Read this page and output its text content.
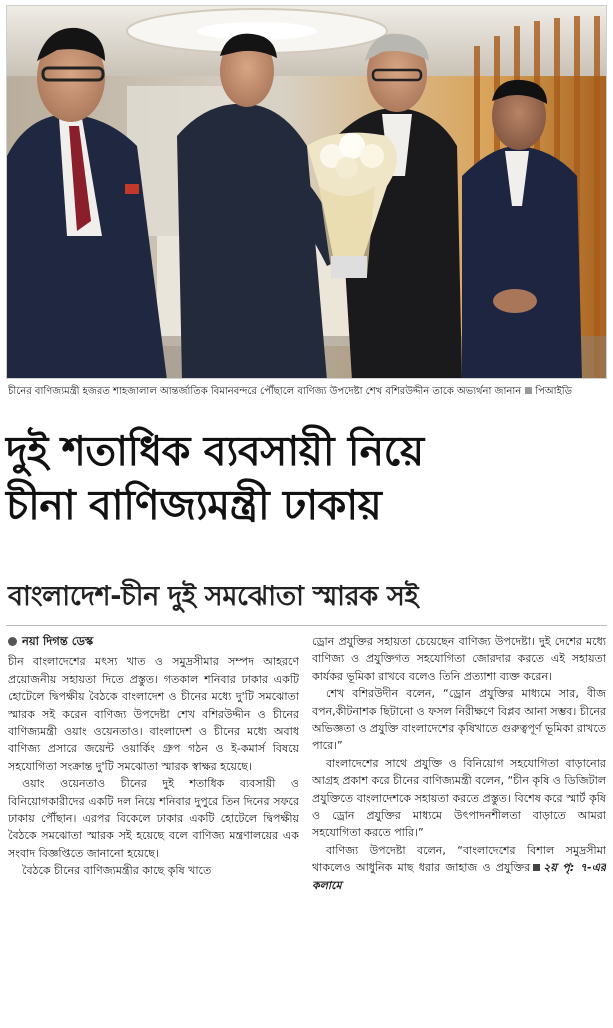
চীনের বাণিজ্যমন্ত্রী হজরত শাহজালাল আন্তর্জাতিক বিমানবন্দরে পৌঁছালে বাণিজ্য উপদেষ্টা শেখ বশিরউদ্দীন তাকে অভ্যর্থনা জানান পিআইডি
দুই শতাধিক ব্যবসায়ী নিয়ে
চীনা বাণিজ্যমন্ত্রী ঢাকায়
বাংলাদেশ-চীন দুই সমঝোতা স্মারক সই

নয়া দিগন্ত ডেস্ক

চীন বাংলাদেশের মৎস্য খাত ও সমুদ্রসীমার সম্পদ আহরণে প্রয়োজনীয় সহায়তা দিতে প্রস্তুত। গতকাল শনিবার ঢাকার একটি হোটেলে দ্বিপক্ষীয় বৈঠকে বাংলাদেশ ও চীনের মধ্যে দু'টি সমঝোতা স্মারক সই করেন বাণিজ্য উপদেষ্টা শেখ বশিরউদ্দীন ও চীনের বাণিজ্যমন্ত্রী ওয়াং ওয়েনতাও। বাংলাদেশ ও চীনের মধ্যে অবাধ বাণিজ্য প্রসারে জয়েন্ট ওয়ার্কিং গ্রুপ গঠন ও ই-কমার্স বিষয়ে সহযোগিতা সংক্রান্ত দু'টি সমঝোতা স্মারক স্বাক্ষর হয়েছে।

ওয়াং ওয়েনতাও চীনের দুই শতাধিক ব্যবসায়ী ও বিনিয়োগকারীদের একটি দল নিয়ে শনিবার দুপুরে তিন দিনের সফরে ঢাকায় পৌঁছান। এরপর বিকেলে ঢাকার একটি হোটেলে দ্বিপক্ষীয় বৈঠকে সমঝোতা স্মারক সই হয়েছে বলে বাণিজ্য মন্ত্রণালয়ের এক সংবাদ বিজ্ঞপ্তিতে জানানো হয়েছে।

বৈঠকে চীনের বাণিজ্যমন্ত্রীর কাছে কৃষি খাতে

ড্রোন প্রযুক্তির সহায়তা চেয়েছেন বাণিজ্য উপদেষ্টা। দুই দেশের মধ্যে বাণিজ্য ও প্রযুক্তিগত সহযোগিতা জোরদার করতে এই সহায়তা কার্যকর ভূমিকা রাখবে বলেও তিনি প্রত্যাশা ব্যক্ত করেন।

শেখ বশিরউদীন বলেন, “ড্রোন প্রযুক্তির মাধ্যমে সার, বীজ বপন,কীটনাশক ছিটানো ও ফসল নিরীক্ষণে বিপ্লব আনা সম্ভব। চীনের অভিজ্ঞতা ও প্রযুক্তি বাংলাদেশের কৃষিখাতে গুরুত্বপূর্ণ ভূমিকা রাখতে পারে।”

বাংলাদেশের সাথে প্রযুক্তি ও বিনিয়োগ সহযোগিতা বাড়ানোর আগ্রহ প্রকাশ করে চীনের বাণিজ্যমন্ত্রী বলেন, “চীন কৃষি ও ডিজিটাল প্রযুক্তিতে বাংলাদেশকে সহায়তা করতে প্রস্তুত। বিশেষ করে স্মার্ট কৃষি ও ড্রোন প্রযুক্তির মাধ্যমে উৎপাদনশীলতা বাড়াতে আমরা সহযোগিতা করতে পারি।”

বাণিজ্য উপদেষ্টা বলেন, “বাংলাদেশের বিশাল সমুদ্রসীমা থাকলেও আধুনিক মাছ ধরার জাহাজ ও প্রযুক্তির ২য় পৃ: ৭-এর কলামে
